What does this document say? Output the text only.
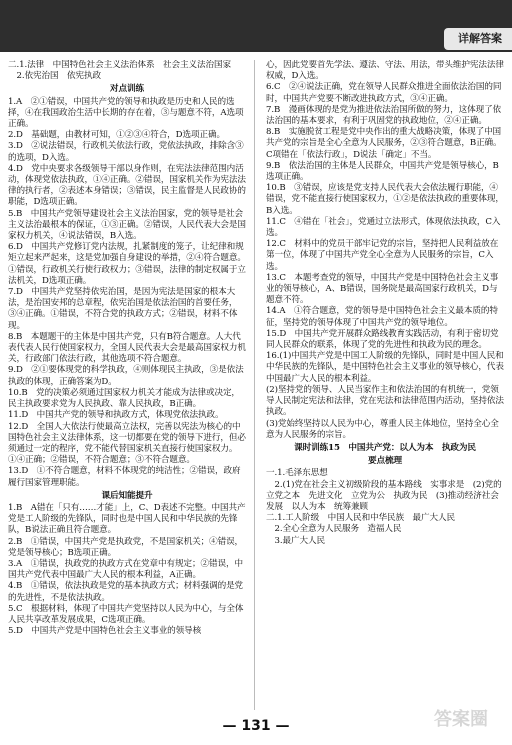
详解答案

二.1.法律　中国特色社会主义法治体系　社会主义法治国家

　2.依宪治国　依宪执政

对点训练

1.A　②①错误，中国共产党的领导和执政是历史和人民的选择，④在我国政治生活中长期的存在着，③与题意不符，A选项正确。

2.D　基础题，由教材可知，①②③④符合，D选项正确。

3.D　②说法错误，行政机关依法行政，党依法执政，排除含③的选项，D入选。

4.D　党中央要求各级领导干部以身作则，在宪法法律范围内活动，体现党依法执政，①④正确。②错误，国家机关作为宪法法律的执行者，②表述本身错误；③错误，民主监督是人民政协的职能，D选项正确。

5.B　中国共产党领导建设社会主义法治国家，党的领导是社会主义法治最根本的保证，①③正确。②错误，人民代表大会是国家权力机关，④说法错误，B入选。

6.D　中国共产党修订党内法规，扎紧制度的笼子，让纪律和规矩立起来严起来，这是党加强自身建设的举措，②④符合题意。①错误，行政机关行使行政权力；③错误，法律的制定权属于立法机关，D选项正确。

7.D　中国共产党坚持依宪治国，是因为宪法是国家的根本大法，是治国安邦的总章程，依宪治国是依法治国的首要任务，③④正确。①错误，不符合党的执政方式；②错误，材料不体现。

8.B　本题题干的主体是中国共产党，只有B符合题意。人大代表代表人民行使国家权力，全国人民代表大会是最高国家权力机关，行政部门依法行政，其他选项不符合题意。

9.D　②①要体现党的科学执政，④则体现民主执政，③是依法执政的体现，正确答案为D。

10.B　党的决策必须通过国家权力机关才能成为法律或决定，民主执政要求党为人民执政、靠人民执政，B正确。

11.D　中国共产党的领导和执政方式，体现党依法执政。

12.D　全国人大依法行使最高立法权，完善以宪法为核心的中国特色社会主义法律体系，这一切都要在党的领导下进行，但必须通过一定的程序，党不能代替国家机关直接行使国家权力。①④正确；②错误，不符合题意；③不符合题意。

13.D　①不符合题意，材料不体现党的纯洁性；②错误，政府履行国家管理职能。

课后知能提升

1.B　A错在「只有……才能」上，C、D表述不完整。中国共产党是工人阶级的先锋队，同时也是中国人民和中华民族的先锋队，B说法正确且符合题意。

2.B　①错误，中国共产党是执政党，不是国家机关；④错误，党是领导核心；B选项正确。

3.A　①错误，执政党的执政方式在党章中有规定；②错误，中国共产党代表中国最广大人民的根本利益，A正确。

4.B　①错误，依法执政是党的基本执政方式；材料强调的是党的先进性，不是依法执政。

5.C　根据材料，体现了中国共产党坚持以人民为中心，与全体人民共享改革发展成果，C选项正确。

5.D　中国共产党是中国特色社会主义事业的领导核

心，因此党要首先学法、遵法、守法、用法，带头维护宪法法律权威，D入选。

6.C　②④说法正确，党在领导人民群众推进全面依法治国的同时，中国共产党要不断改进执政方式，③④正确。

7.B　漫画体现的是党为推进依法治国所做的努力，这体现了依法治国的基本要求，有利于巩固党的执政地位，②④正确。

8.B　实施脱贫工程是党中央作出的重大战略决策，体现了中国共产党的宗旨是全心全意为人民服务，②③符合题意，B正确。C项错在「依法行政」，D说法「确定」不当。

9.B　依法治国的主体是人民群众，中国共产党是领导核心，B选项正确。

10.B　③错误，应该是党支持人民代表大会依法履行职能，④错误，党不能直接行使国家权力，①②是依法执政的重要体现，B入选。

11.C　④错在「社会」，党通过立法形式，体现依法执政，C入选。

12.C　材料中的党员干部牢记党的宗旨，坚持把人民利益放在第一位，体现了中国共产党全心全意为人民服务的宗旨，C入选。

13.C　本题考查党的领导，中国共产党是中国特色社会主义事业的领导核心，A、B错误，国务院是最高国家行政机关，D与题意不符。

14.A　①符合题意，党的领导是中国特色社会主义最本质的特征，坚持党的领导体现了中国共产党的领导地位。

15.D　中国共产党开展群众路线教育实践活动，有利于密切党同人民群众的联系，体现了党的先进性和执政为民的理念。

16.(1)中国共产党是中国工人阶级的先锋队，同时是中国人民和中华民族的先锋队，是中国特色社会主义事业的领导核心，代表中国最广大人民的根本利益。

(2)坚持党的领导、人民当家作主和依法治国的有机统一，党领导人民制定宪法和法律，党在宪法和法律范围内活动，坚持依法执政。

(3)党始终坚持以人民为中心，尊重人民主体地位，坚持全心全意为人民服务的宗旨。

课时训练15　中国共产党：以人为本　执政为民

要点梳理

一.1.毛泽东思想

　2.(1)党在社会主义初级阶段的基本路线　实事求是　(2)党的立党之本　先进文化　立党为公　执政为民　(3)推动经济社会发展　以人为本　统筹兼顾

二.1.工人阶级　中国人民和中华民族　最广大人民

　2.全心全意为人民服务　造福人民

　3.最广大人民

— 131 —	答案圈
